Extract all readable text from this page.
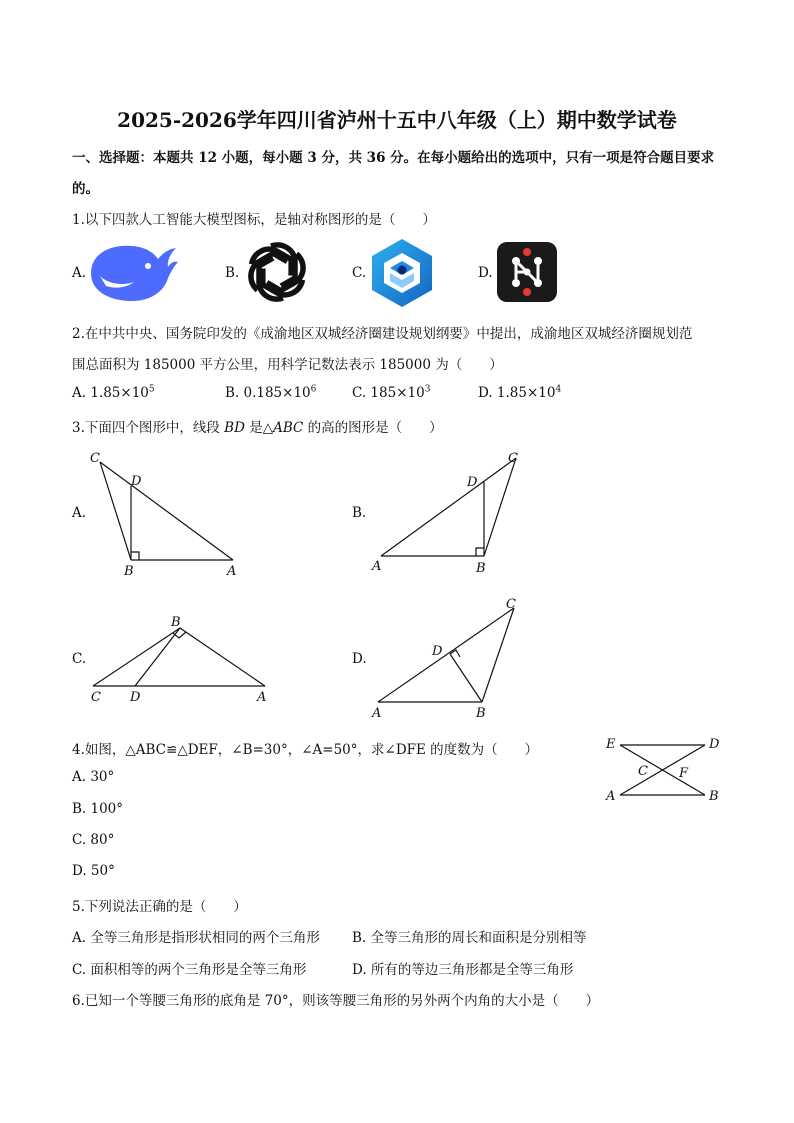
2025-2026学年四川省泸州十五中八年级（上）期中数学试卷
一、选择题：本题共 12 小题，每小题 3 分，共 36 分。在每小题给出的选项中，只有一项是符合题目要求
的。
1.以下四款人工智能大模型图标，是轴对称图形的是（　　）
A.	B.	C.	D.
2.在中共中央、国务院印发的《成渝地区双城经济圈建设规划纲要》中提出，成渝地区双城经济圈规划范
围总面积为 185000 平方公里，用科学记数法表示 185000 为（　　）
A. $1.85\times 10^5$	B. $0.185\times 10^6$	C. $185\times 10^3$	D. $1.85\times 10^4$
3.下面四个图形中，线段 BD 是△ABC 的高的图形是（　　）
A.
C
D
B	A
B.
C
D
A	B
C.
B
C D	A
D.
C
D
A	B
4.如图，△ABC≌△DEF，∠B=30°，∠A=50°，求∠DFE 的度数为（　　）
A. 30°
B. 100°
C. 80°
D. 50°
E	D
C F
A	B
5.下列说法正确的是（　　）
A. 全等三角形是指形状相同的两个三角形 B. 全等三角形的周长和面积是分别相等
C. 面积相等的两个三角形是全等三角形	D. 所有的等边三角形都是全等三角形
6.已知一个等腰三角形的底角是 70°，则该等腰三角形的另外两个内角的大小是（　　）
